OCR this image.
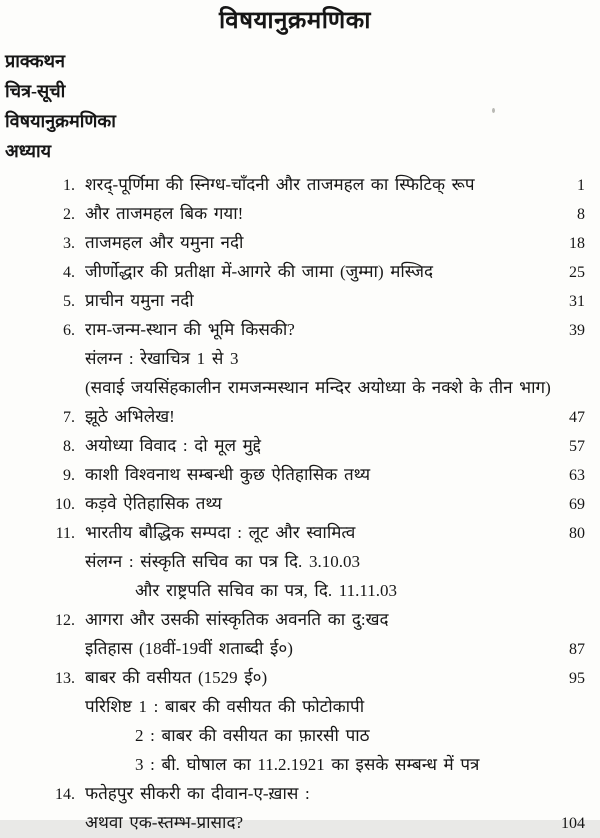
विषयानुक्रमणिका
प्राक्कथन
चित्र-सूची
विषयानुक्रमणिका
अध्याय
1. शरद्-पूर्णिमा की स्निग्ध-चाँदनी और ताजमहल का स्फिटिक् रूप	1
2. और ताजमहल बिक गया!	8
3. ताजमहल और यमुना नदी	18
4. जीर्णोद्धार की प्रतीक्षा में-आगरे की जामा (जुम्मा) मस्जिद	25
5. प्राचीन यमुना नदी	31
6. राम-जन्म-स्थान की भूमि किसकी?	39
संलग्न : रेखाचित्र 1 से 3
(सवाई जयसिंहकालीन रामजन्मस्थान मन्दिर अयोध्या के नक्शे के तीन भाग)
7. झूठे अभिलेख!	47
8. अयोध्या विवाद : दो मूल मुद्दे	57
9. काशी विश्वनाथ सम्बन्धी कुछ ऐतिहासिक तथ्य	63
10. कड़वे ऐतिहासिक तथ्य	69
11. भारतीय बौद्धिक सम्पदा : लूट और स्वामित्व	80
संलग्न : संस्कृति सचिव का पत्र दि. 3.10.03
और राष्ट्रपति सचिव का पत्र, दि. 11.11.03
12. आगरा और उसकी सांस्कृतिक अवनति का दु:खद
इतिहास (18वीं-19वीं शताब्दी ई०)	87
13. बाबर की वसीयत (1529 ई०)	95
परिशिष्ट 1 : बाबर की वसीयत की फोटोकापी
2 : बाबर की वसीयत का फ़ारसी पाठ
3 : बी. घोषाल का 11.2.1921 का इसके सम्बन्ध में पत्र
14. फतेहपुर सीकरी का दीवान-ए-ख़ास :
अथवा एक-स्तम्भ-प्रासाद?	104
